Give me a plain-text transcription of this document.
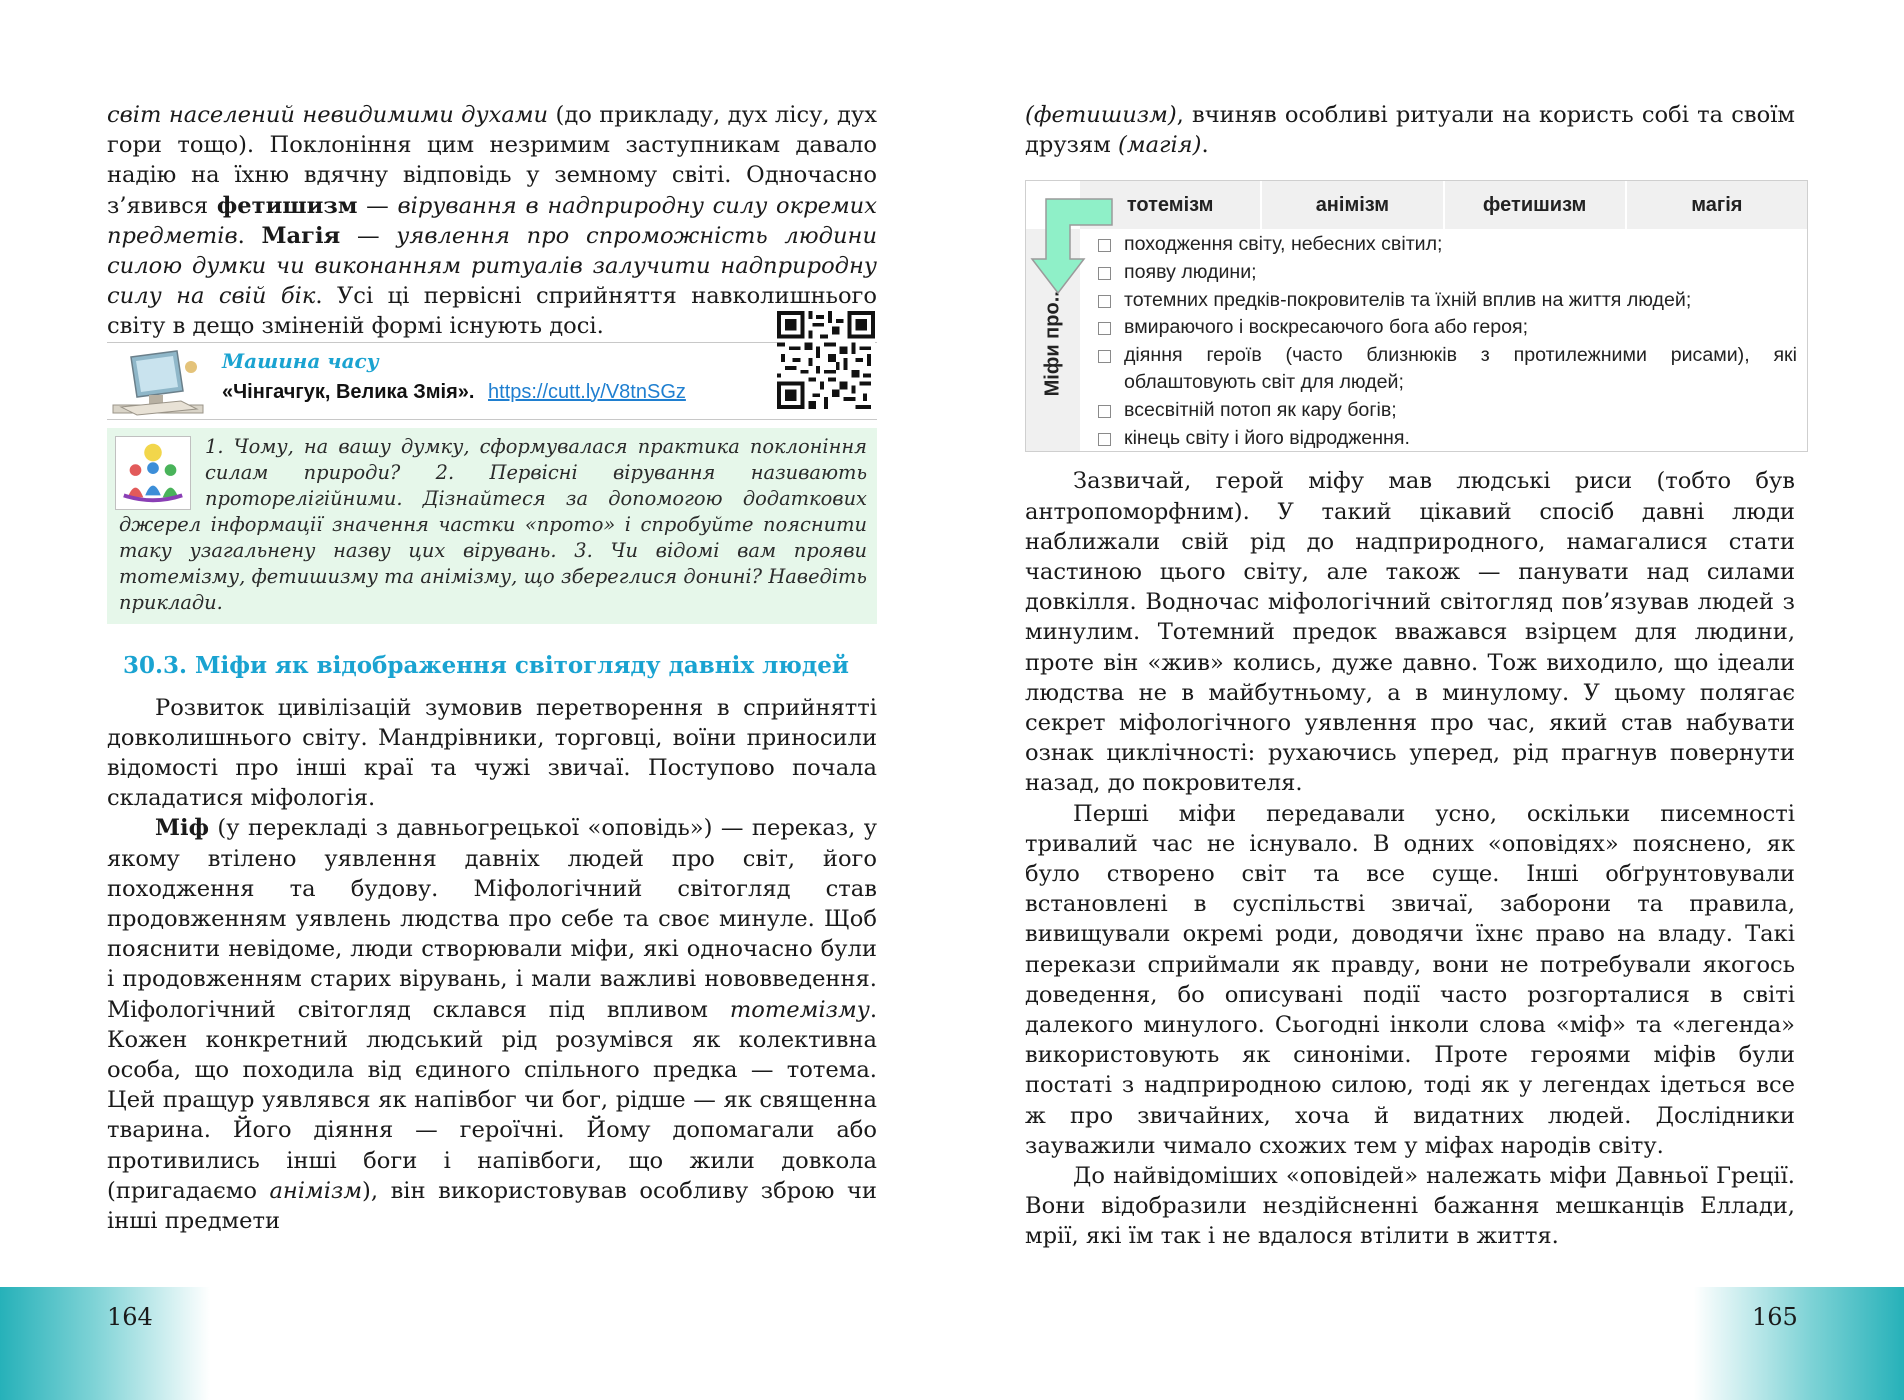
світ населений невидимими духами (до прикладу, дух лісу, дух гори тощо). Поклоніння цим незримим заступникам давало надію на їхню вдячну відповідь у земному світі. Одночасно з’явився фетишизм — вірування в надприродну силу окремих предметів. Магія — уявлення про спроможність людини силою думки чи виконанням ритуалів залучити надприродну силу на свій бік. Усі ці первісні сприйняття навколишнього світу в дещо зміненій формі існують досі.

Машина часу
«Чінгачгук, Велика Змія». https://cutt.ly/V8tnSGz

1. Чому, на вашу думку, сформувалася практика поклоніння силам природи? 2. Первісні вірування називають проторелігійними. Дізнайтеся за допомогою додаткових джерел інформації значення частки «прото» і спробуйте пояснити таку узагальнену назву цих вірувань. 3. Чи відомі вам прояви тотемізму, фетишизму та анімізму, що збереглися донині? Наведіть приклади.

30.3. Міфи як відображення світогляду давніх людей

Розвиток цивілізацій зумовив перетворення в сприйнятті довколишнього світу. Мандрівники, торговці, воїни приносили відомості про інші краї та чужі звичаї. Поступово почала складатися міфологія.

Міф (у перекладі з давньогрецької «оповідь») — переказ, у якому втілено уявлення давніх людей про світ, його походження та будову. Міфологічний світогляд став продовженням уявлень людства про себе та своє минуле. Щоб пояснити невідоме, люди створювали міфи, які одночасно були і продовженням старих вірувань, і мали важливі нововведення. Міфологічний світогляд склався під впливом тотемізму. Кожен конкретний людський рід розумівся як колективна особа, що походила від єдиного спільного предка — тотема. Цей пращур уявлявся як напівбог чи бог, рідше — як священна тварина. Його діяння — героїчні. Йому допомагали або противились інші боги і напівбоги, що жили довкола (пригадаємо анімізм), він використовував особливу зброю чи інші предмети

(фетишизм), вчиняв особливі ритуали на користь собі та своїм друзям (магія).

тотемізм	анімізм	фетишизм	магія
Міфи про...
походження світу, небесних світил;
появу людини;
тотемних предків-покровителів та їхній вплив на життя людей;
вмираючого і воскресаючого бога або героя;
діяння героїв (часто близнюків з протилежними рисами), які облаштовують світ для людей;
всесвітній потоп як кару богів;
кінець світу і його відродження.

Зазвичай, герой міфу мав людські риси (тобто був антропоморфним). У такий цікавий спосіб давні люди наближали свій рід до надприродного, намагалися стати частиною цього світу, але також — панувати над силами довкілля. Водночас міфологічний світогляд пов’язував людей з минулим. Тотемний предок вважався взірцем для людини, проте він «жив» колись, дуже давно. Тож виходило, що ідеали людства не в майбутньому, а в минулому. У цьому полягає секрет міфологічного уявлення про час, який став набувати ознак циклічності: рухаючись уперед, рід прагнув повернути назад, до покровителя.

Перші міфи передавали усно, оскільки писемності тривалий час не існувало. В одних «оповідях» пояснено, як було створено світ та все суще. Інші обґрунтовували встановлені в суспільстві звичаї, заборони та правила, вивищували окремі роди, доводячи їхнє право на владу. Такі перекази сприймали як правду, вони не потребували якогось доведення, бо описувані події часто розгорталися в світі далекого минулого. Сьогодні інколи слова «міф» та «легенда» використовують як синоніми. Проте героями міфів були постаті з надприродною силою, тоді як у легендах ідеться все ж про звичайних, хоча й видатних людей. Дослідники зауважили чимало схожих тем у міфах народів світу.

До найвідоміших «оповідей» належать міфи Давньої Греції. Вони відобразили нездійсненні бажання мешканців Еллади, мрії, які їм так і не вдалося втілити в життя.

164	165
